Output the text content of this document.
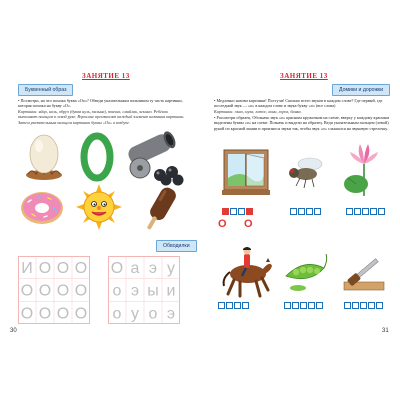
ЗАНЯТИЕ 13
Буквенный образ
• Посмотри, на что похожа буква «Оо»? Обведи указательным пальчиком ту часть картинки, которая похожа на букву «О».
Картинки: яйцо, ноль, обруч (буква нуль, пальма), пончик, смайлик, эскимо. Ребёнок выполняет пальцем в левой руке. Взрослые произносят каждый элемент названия картинки. Затем указательным пальцем картинки буквы «Оо» в воздухе.
Обводилки
И О О О
О О О О
О О О О
О а э у
о э ы и
о у о э
30
ЗАНЯТИЕ 13
Домики и дорожки
• Медленно назови картинки! Постучи! Сколько всего звуков в каждом слове? Где первый, где последний звук — «о» в каждом слове и звука букву «о» (все слова)
Картинки: окно, муха, лотос, кони, горох, банка.
• Рассмотри образец. Обозначь звук «о» красным кружочком на схеме, вверху у каждому красным выделены буквы «о» на схеме. Позначь и выдели на образец. Веди указательным пальцем (левой) рукой по красной линии и произнося звуки так, чтобы звук «о» слышался на звуковую стрелочку.
O O
31
